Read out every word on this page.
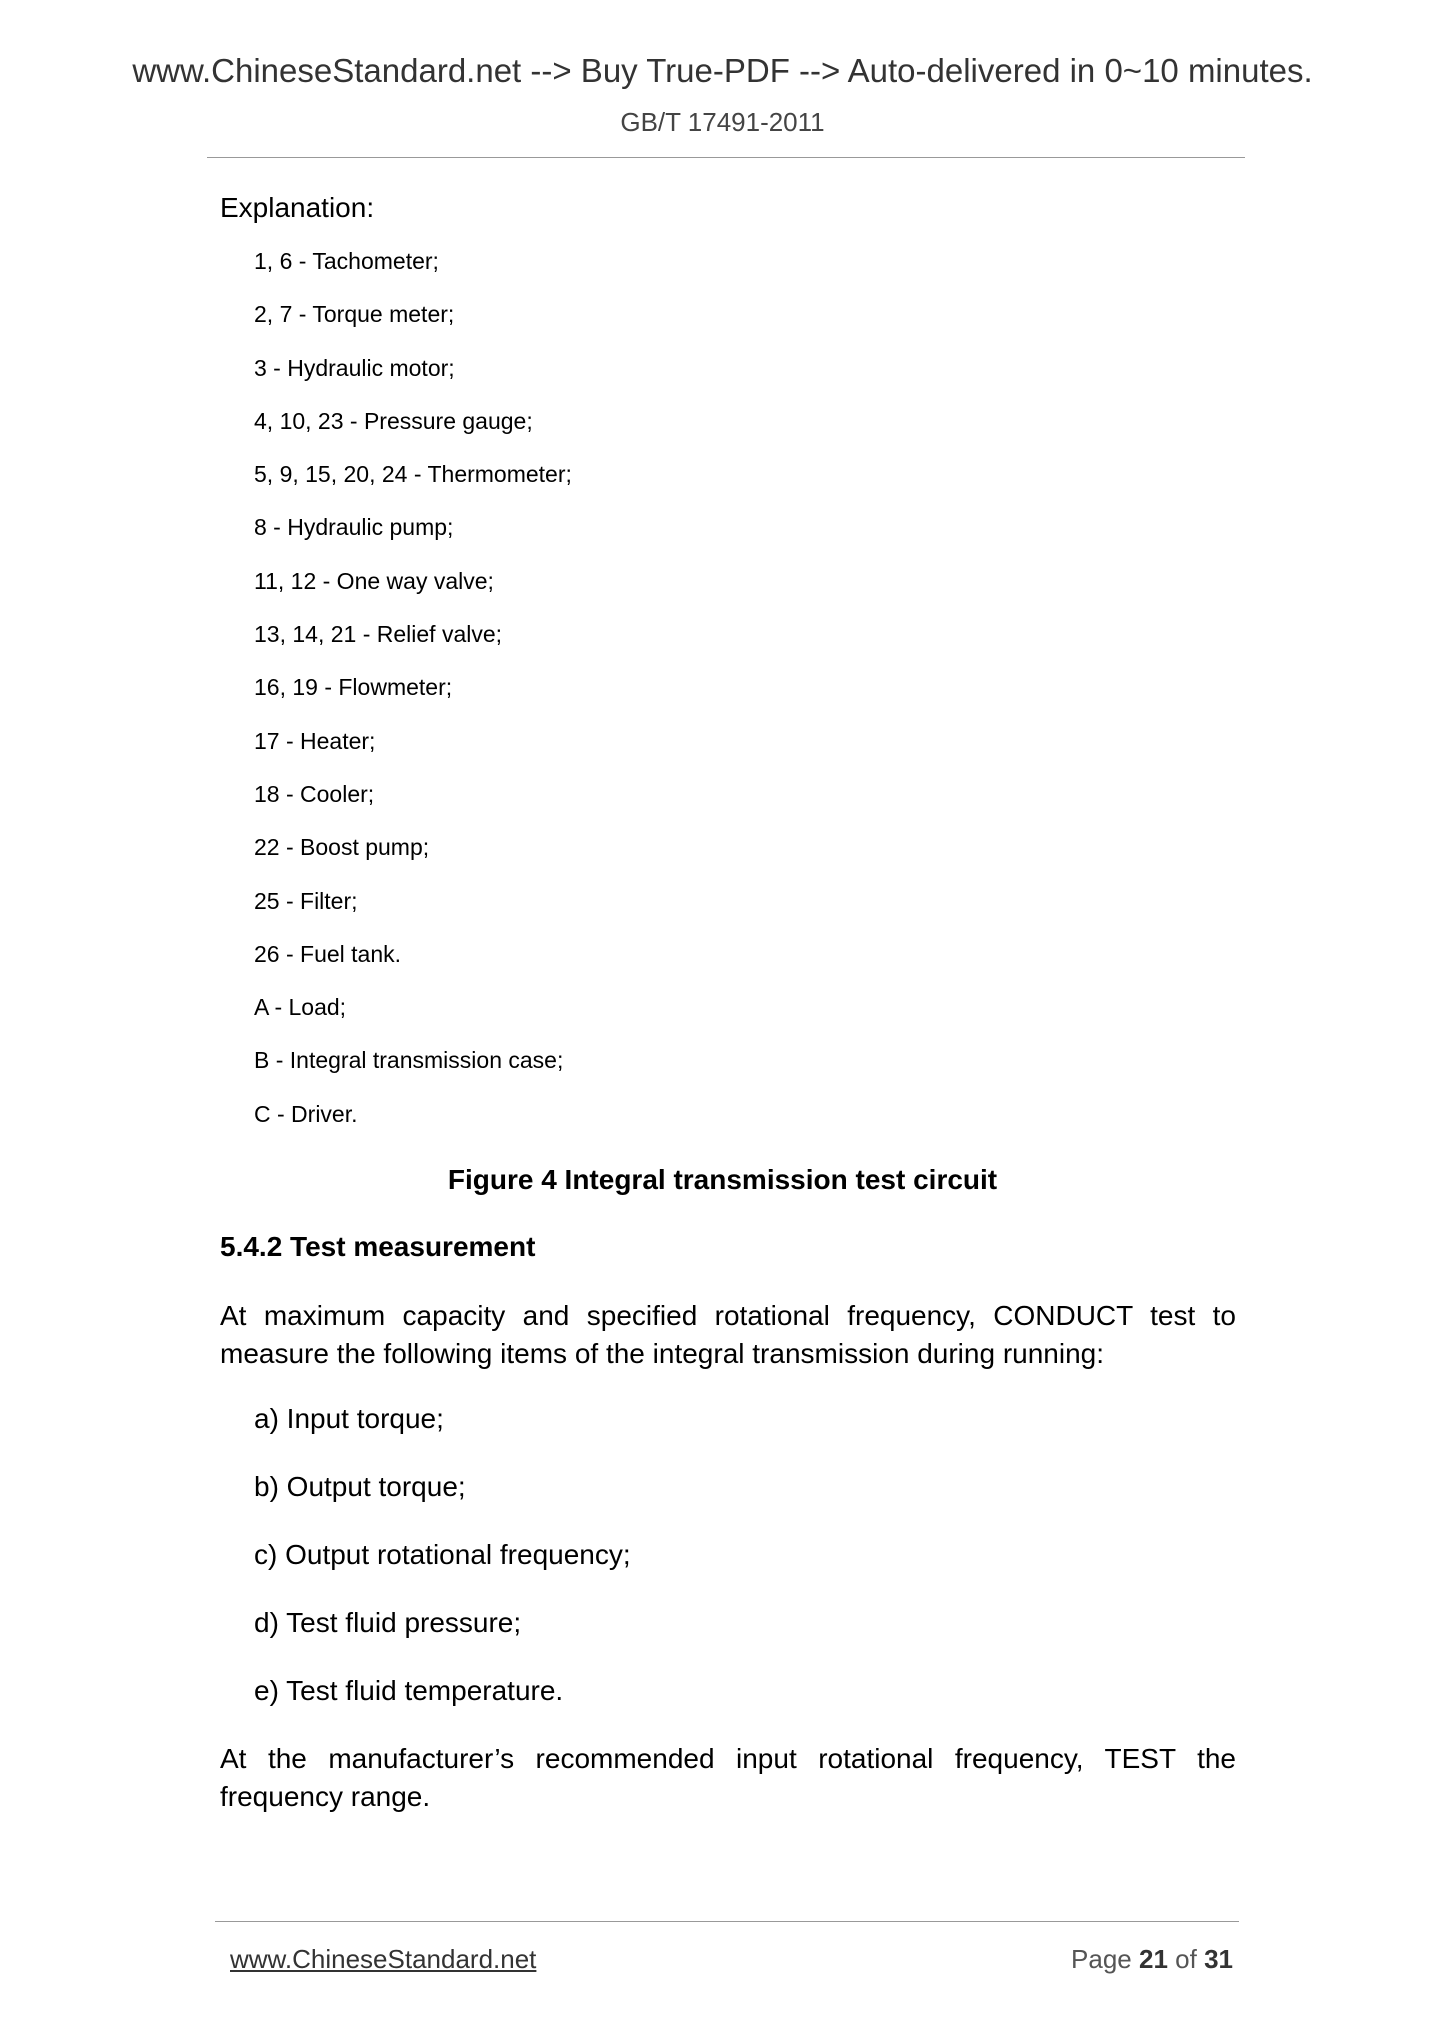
www.ChineseStandard.net --> Buy True-PDF --> Auto-delivered in 0~10 minutes.
GB/T 17491-2011
Explanation:
1, 6 - Tachometer;
2, 7 - Torque meter;
3 - Hydraulic motor;
4, 10, 23 - Pressure gauge;
5, 9, 15, 20, 24 - Thermometer;
8 - Hydraulic pump;
11, 12 - One way valve;
13, 14, 21 - Relief valve;
16, 19 - Flowmeter;
17 - Heater;
18 - Cooler;
22 - Boost pump;
25 - Filter;
26 - Fuel tank.
A - Load;
B - Integral transmission case;
C - Driver.
Figure 4 Integral transmission test circuit
5.4.2 Test measurement
At maximum capacity and specified rotational frequency, CONDUCT test to measure the following items of the integral transmission during running:
a) Input torque;
b) Output torque;
c) Output rotational frequency;
d) Test fluid pressure;
e) Test fluid temperature.
At the manufacturer’s recommended input rotational frequency, TEST the frequency range.
www.ChineseStandard.net	Page 21 of 31
